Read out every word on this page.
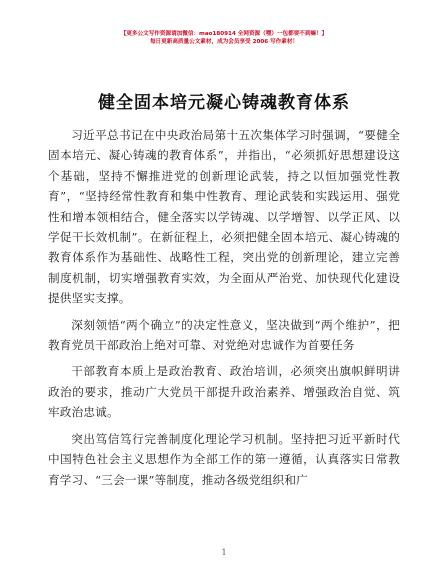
【更多公文写作资源请加微信：mao180914 全网资源（嘿）一包都要不到嘛！】
每日更新高质量公文素材，成为会员享受 2006 写作素材！
健全固本培元凝心铸魂教育体系
习近平总书记在中央政治局第十五次集体学习时强调，“要健全固本培元、凝心铸魂的教育体系”，并指出，“必须抓好思想建设这个基础，坚持不懈推进党的创新理论武装，持之以恒加强党性教育”，“坚持经常性教育和集中性教育、理论武装和实践运用、强党性和增本领相结合，健全落实以学铸魂、以学增智、以学正风、以学促干长效机制”。在新征程上，必须把健全固本培元、凝心铸魂的教育体系作为基础性、战略性工程，突出党的创新理论，建立完善制度机制，切实增强教育实效，为全面从严治党、加快现代化建设提供坚实支撑。
深刻领悟“两个确立”的决定性意义，坚决做到“两个维护”，把教育党员干部政治上绝对可靠、对党绝对忠诚作为首要任务
干部教育本质上是政治教育、政治培训，必须突出旗帜鲜明讲政治的要求，推动广大党员干部提升政治素养、增强政治自觉、筑牢政治忠诚。
突出笃信笃行完善制度化理论学习机制。坚持把习近平新时代中国特色社会主义思想作为全部工作的第一遵循，认真落实日常教育学习、“三会一课”等制度，推动各级党组织和广
1
